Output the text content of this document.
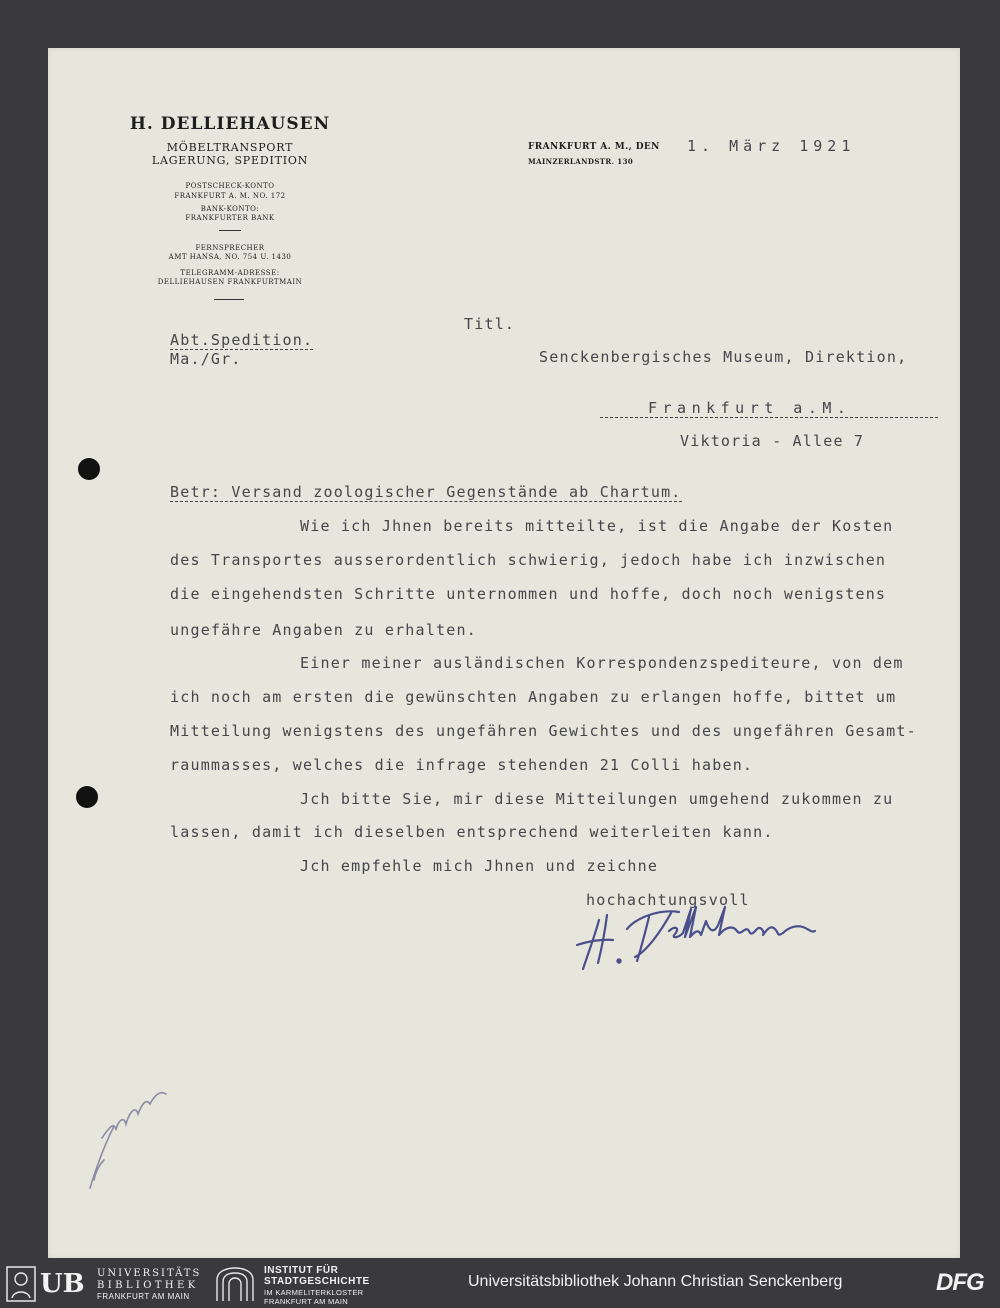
H. DELLIEHAUSEN
MÖBELTRANSPORT
LAGERUNG, SPEDITION
POSTSCHECK-KONTO
FRANKFURT A. M. NO. 172
BANK-KONTO:
FRANKFURTER BANK
FERNSPRECHER
AMT HANSA, NO. 754 U. 1430
TELEGRAMM-ADRESSE:
DELLIEHAUSEN FRANKFURTMAIN
FRANKFURT A. M., DEN
MAINZERLANDSTR. 130
1. März 1921
Abt.Spedition.
Ma./Gr.
Titl.
Senckenbergisches Museum, Direktion,
Frankfurt a.M.
Viktoria - Allee 7
Betr: Versand zoologischer Gegenstände ab Chartum.
Wie ich Jhnen bereits mitteilte, ist die Angabe der Kosten
des Transportes ausserordentlich schwierig, jedoch habe ich inzwischen
die eingehendsten Schritte unternommen und hoffe, doch noch wenigstens
ungefähre Angaben zu erhalten.
Einer meiner ausländischen Korrespondenzspediteure, von dem
ich noch am ersten die gewünschten Angaben zu erlangen hoffe, bittet um
Mitteilung wenigstens des ungefähren Gewichtes und des ungefähren Gesamt-
raummasses, welches die infrage stehenden 21 Colli haben.
Jch bitte Sie, mir diese Mitteilungen umgehend zukommen zu
lassen, damit ich dieselben entsprechend weiterleiten kann.
Jch empfehle mich Jhnen und zeichne
hochachtungsvoll
UB UNIVERSITÄTS
BIBLIOTHEK
FRANKFURT AM MAIN
INSTITUT FÜR
STADTGESCHICHTE
IM KARMELITERKLOSTER
FRANKFURT AM MAIN
Universitätsbibliothek Johann Christian Senckenberg	DFG
